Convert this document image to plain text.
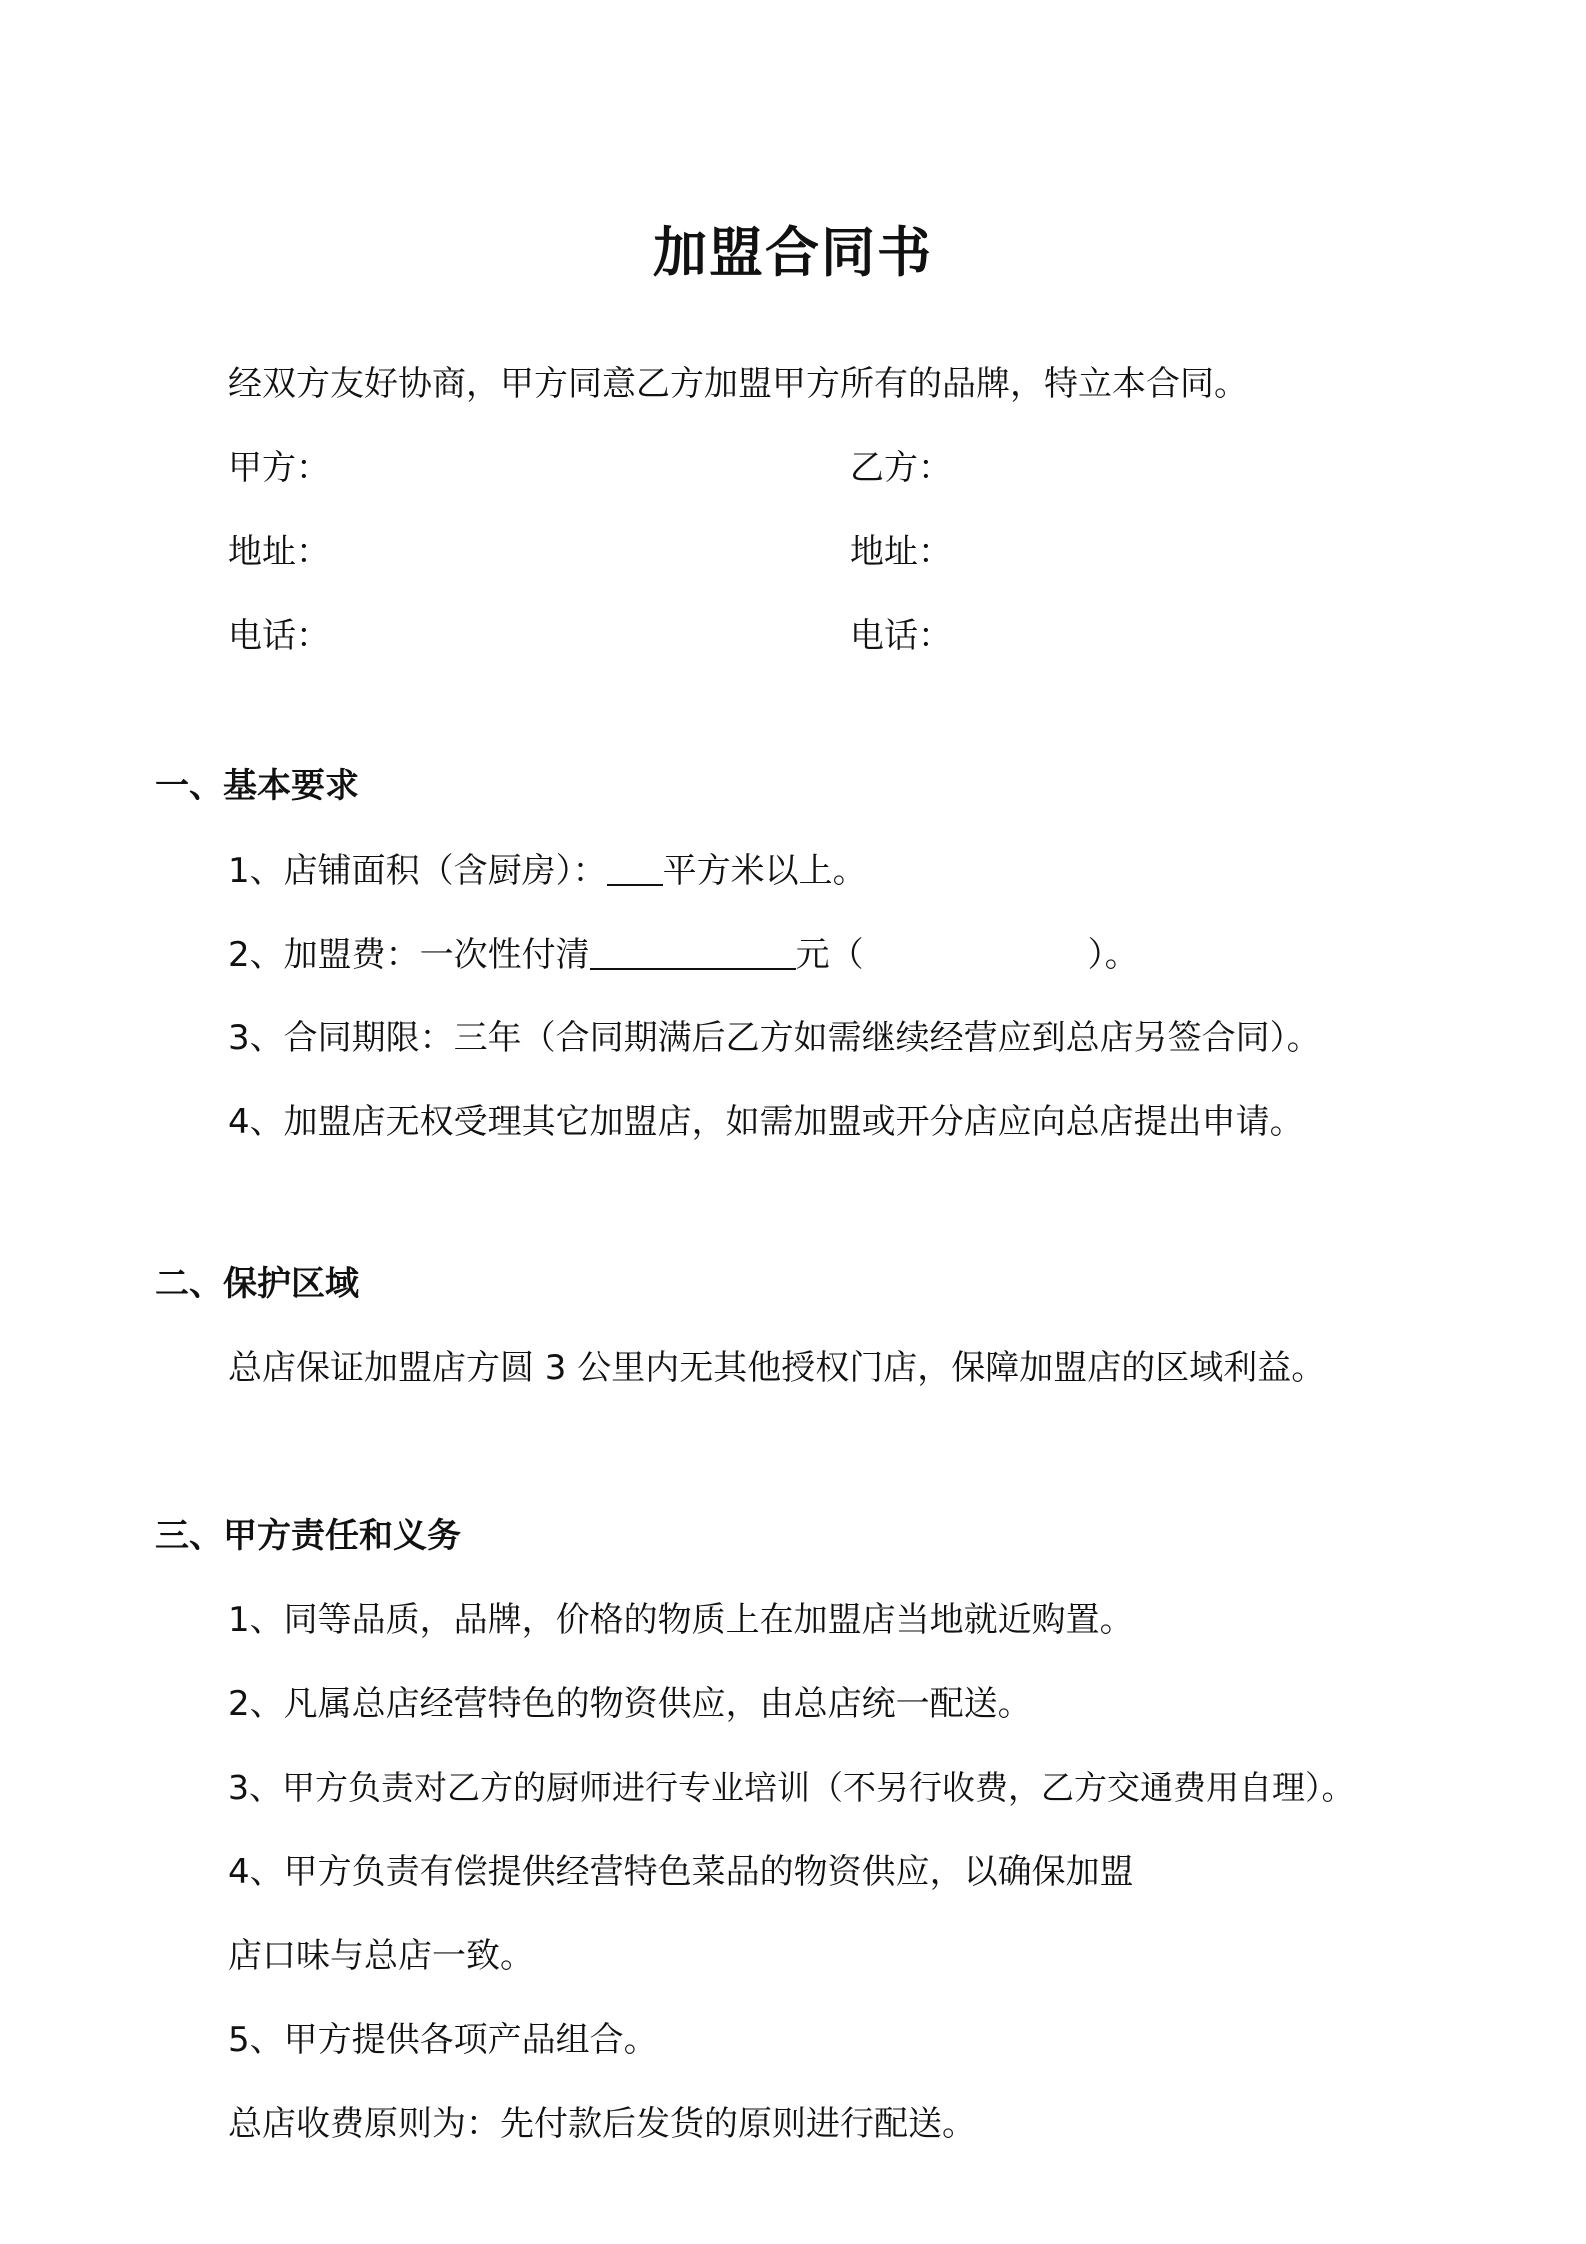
加盟合同书
经双方友好协商，甲方同意乙方加盟甲方所有的品牌，特立本合同。
甲方：	乙方：
地址：	地址：
电话：	电话：
一、基本要求
1、店铺面积（含厨房）： 平方米以上。
2、加盟费：一次性付清	元（	）。
3、合同期限：三年（合同期满后乙方如需继续经营应到总店另签合同）。
4、加盟店无权受理其它加盟店，如需加盟或开分店应向总店提出申请。
二、保护区域
总店保证加盟店方圆 3 公里内无其他授权门店，保障加盟店的区域利益。
三、甲方责任和义务
1、同等品质，品牌，价格的物质上在加盟店当地就近购置。
2、凡属总店经营特色的物资供应，由总店统一配送。
3、甲方负责对乙方的厨师进行专业培训（不另行收费，乙方交通费用自理）。
4、甲方负责有偿提供经营特色菜品的物资供应，以确保加盟
店口味与总店一致。
5、甲方提供各项产品组合。
总店收费原则为：先付款后发货的原则进行配送。
